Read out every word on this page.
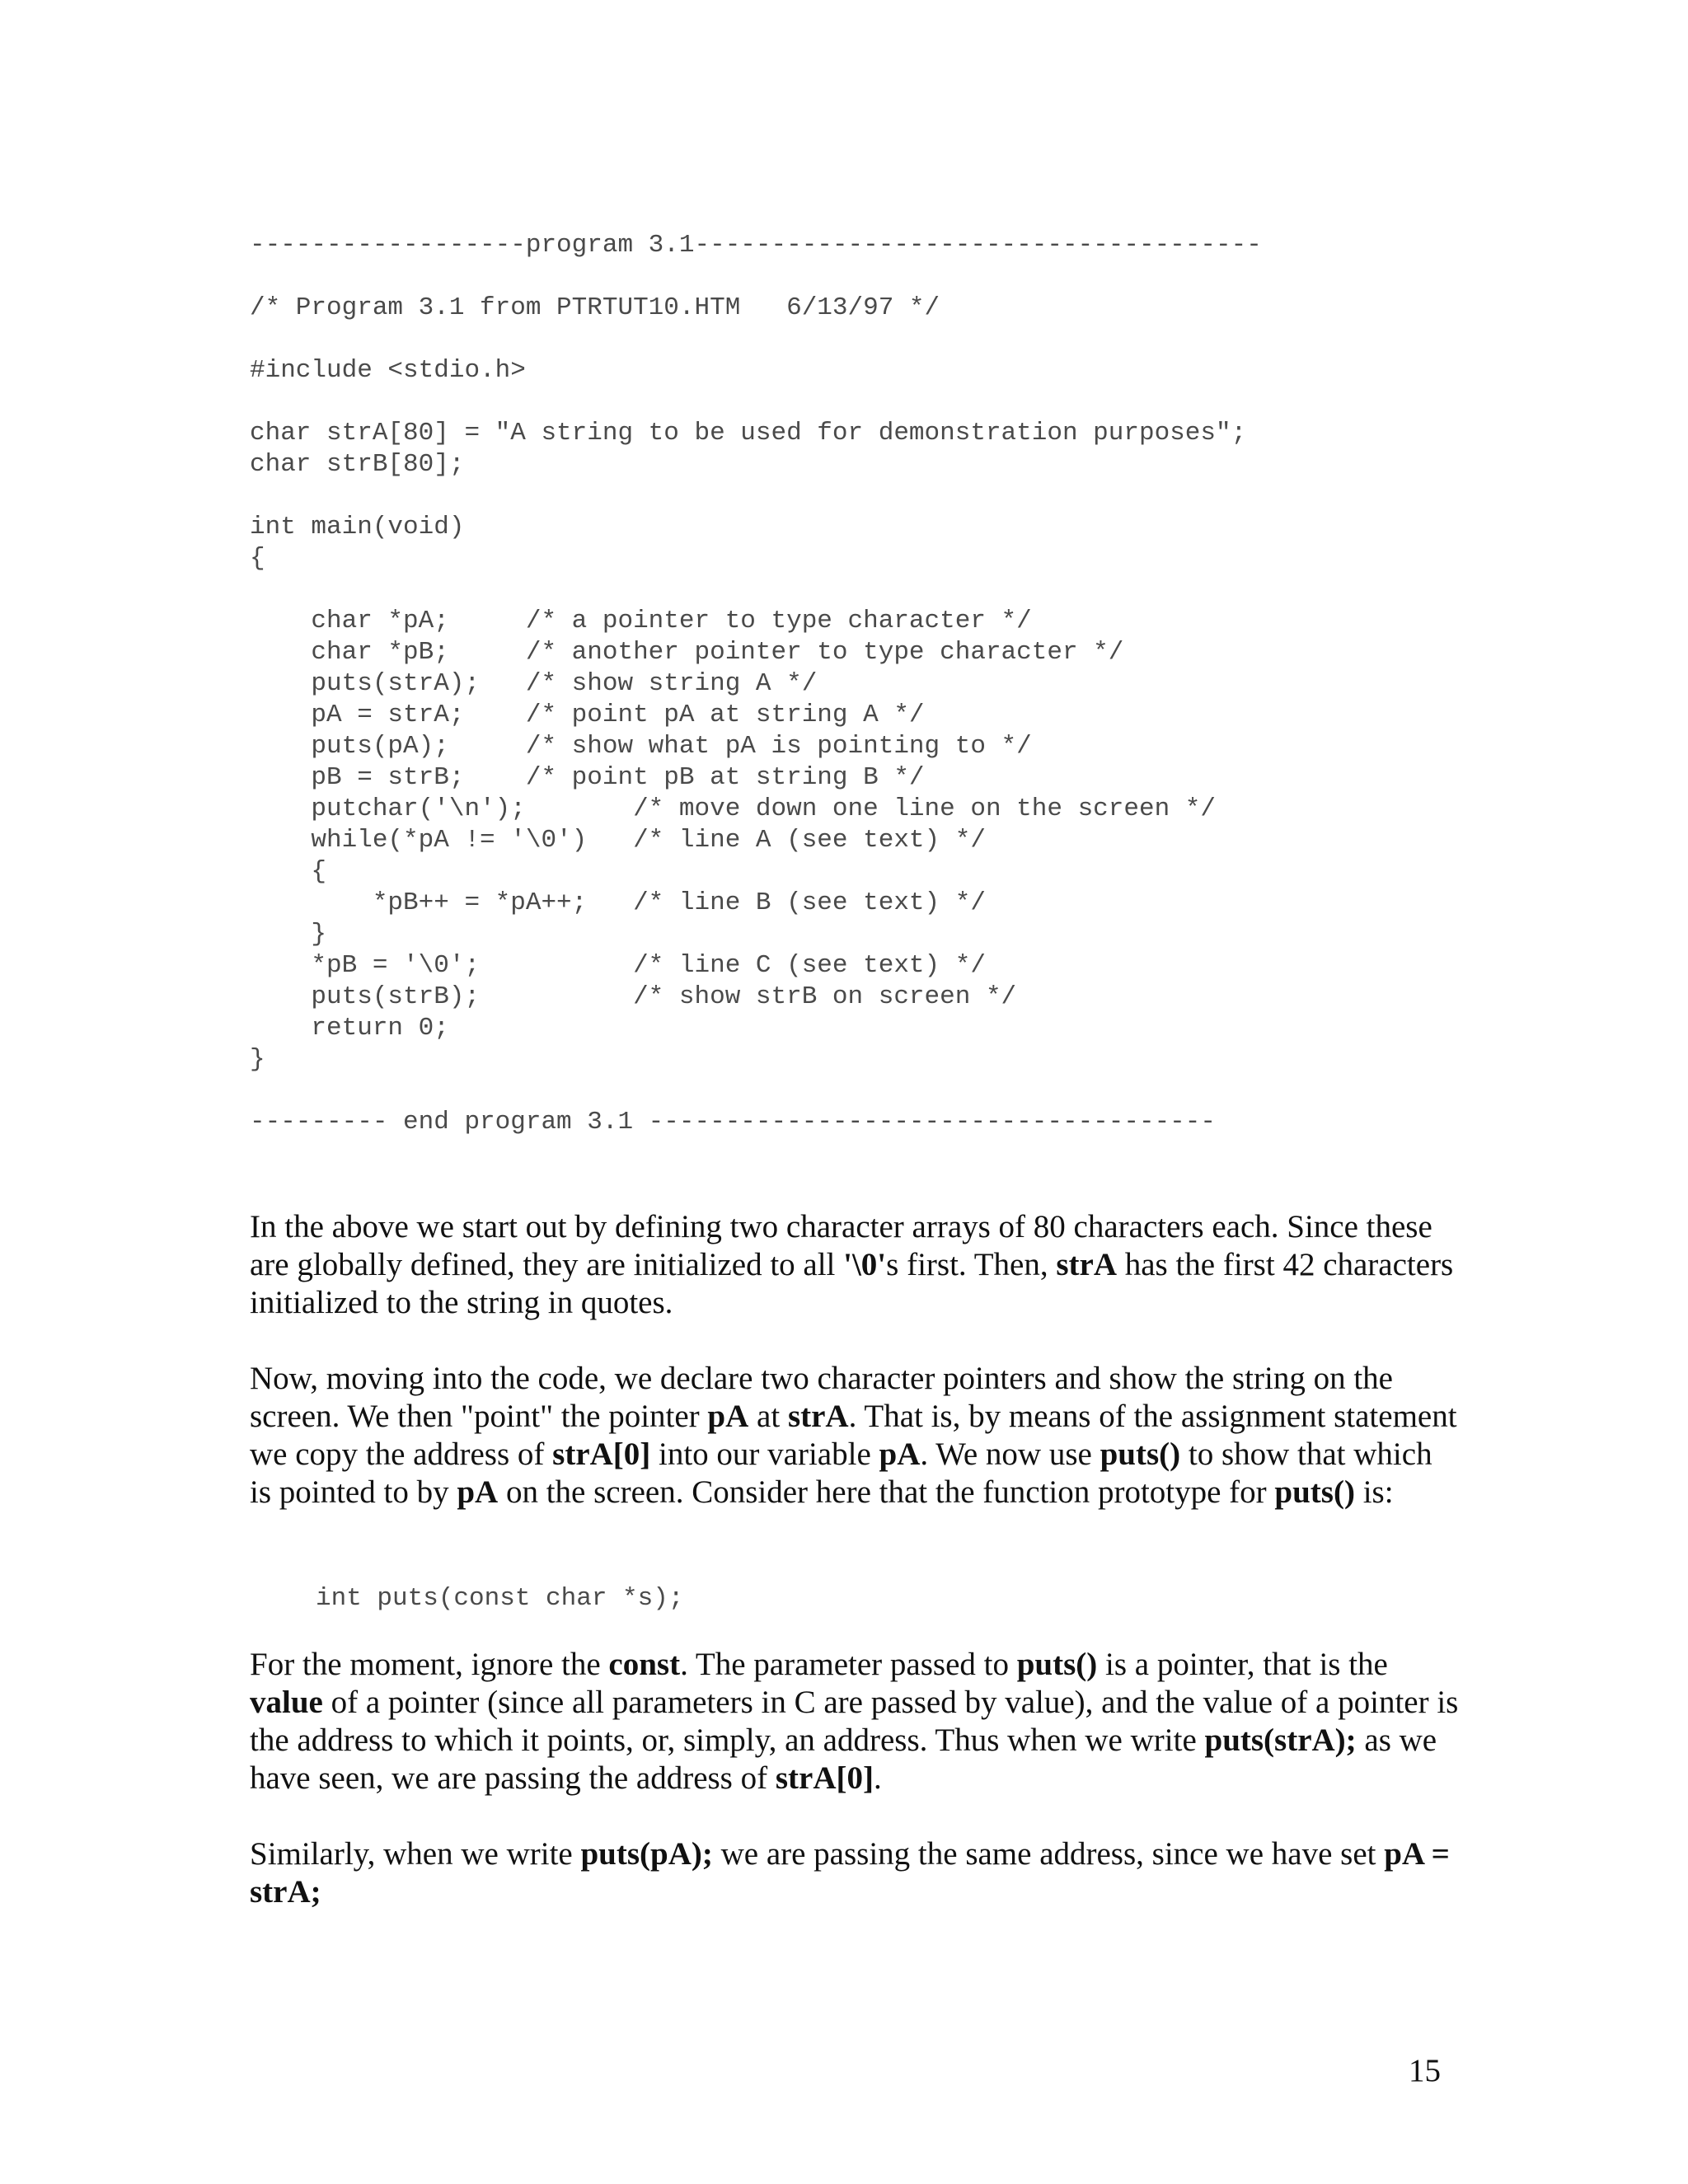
------------------program 3.1-------------------------------------
/* Program 3.1 from PTRTUT10.HTM   6/13/97 */
#include <stdio.h>
char strA[80] = "A string to be used for demonstration purposes";
char strB[80];
int main(void)
{
char *pA;     /* a pointer to type character */
char *pB;     /* another pointer to type character */
puts(strA);   /* show string A */
pA = strA;    /* point pA at string A */
puts(pA);     /* show what pA is pointing to */
pB = strB;    /* point pB at string B */
putchar('\n');       /* move down one line on the screen */
while(*pA != '\0')   /* line A (see text) */
{
*pB++ = *pA++;   /* line B (see text) */
}
*pB = '\0';          /* line C (see text) */
puts(strB);          /* show strB on screen */
return 0;
}
--------- end program 3.1 -------------------------------------

In the above we start out by defining two character arrays of 80 characters each. Since these are globally defined, they are initialized to all '\0's first. Then, strA has the first 42 characters initialized to the string in quotes.

Now, moving into the code, we declare two character pointers and show the string on the screen. We then "point" the pointer pA at strA. That is, by means of the assignment statement we copy the address of strA[0] into our variable pA. We now use puts() to show that which is pointed to by pA on the screen. Consider here that the function prototype for puts() is:

int puts(const char *s);

For the moment, ignore the const. The parameter passed to puts() is a pointer, that is the value of a pointer (since all parameters in C are passed by value), and the value of a pointer is the address to which it points, or, simply, an address. Thus when we write puts(strA); as we have seen, we are passing the address of strA[0].

Similarly, when we write puts(pA); we are passing the same address, since we have set pA = strA;

15
